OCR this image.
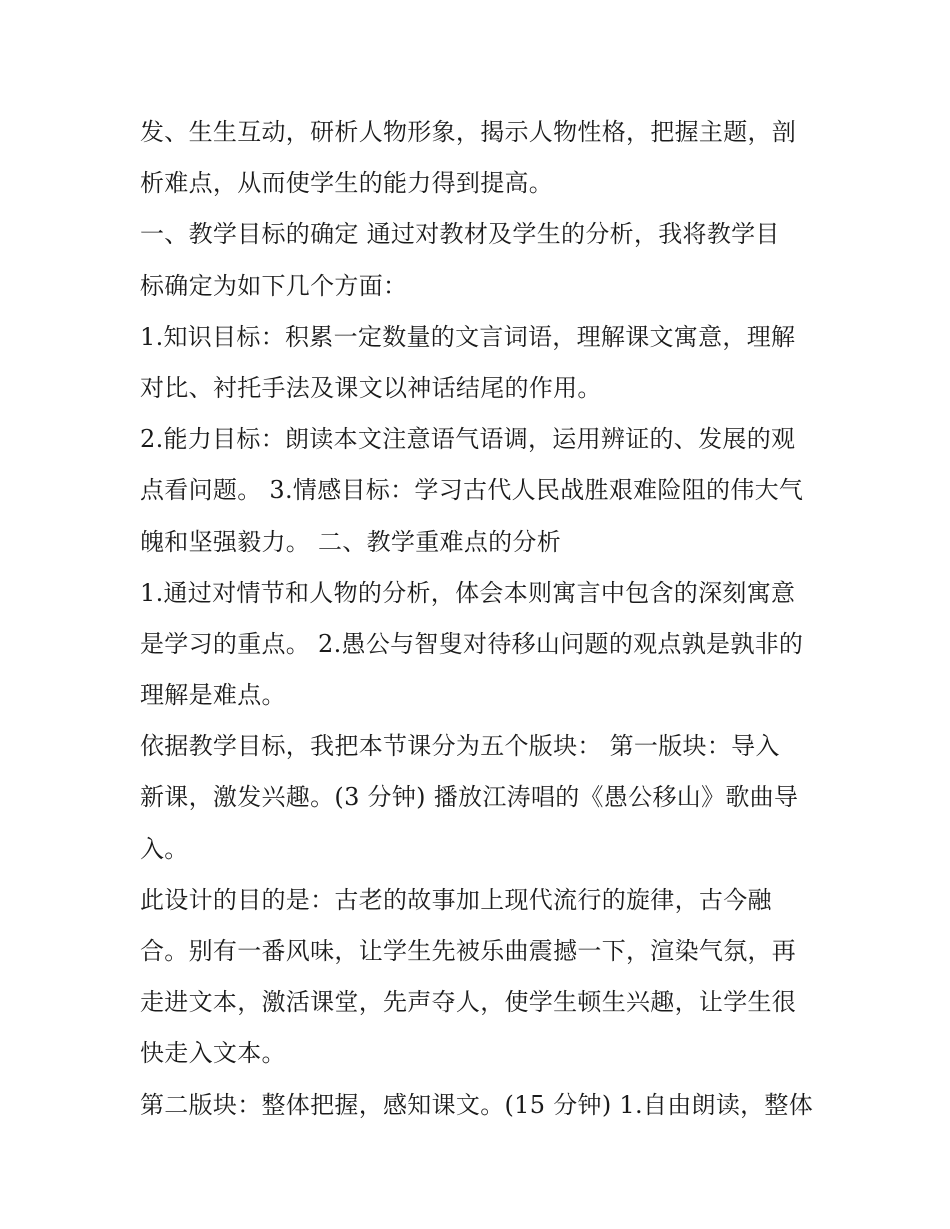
发、生生互动，研析人物形象，揭示人物性格，把握主题，剖
析难点，从而使学生的能力得到提高。
一、教学目标的确定 通过对教材及学生的分析，我将教学目
标确定为如下几个方面：
1.知识目标：积累一定数量的文言词语，理解课文寓意，理解
对比、衬托手法及课文以神话结尾的作用。
2.能力目标：朗读本文注意语气语调，运用辨证的、发展的观
点看问题。 3.情感目标：学习古代人民战胜艰难险阻的伟大气
魄和坚强毅力。 二、教学重难点的分析
1.通过对情节和人物的分析，体会本则寓言中包含的深刻寓意
是学习的重点。 2.愚公与智叟对待移山问题的观点孰是孰非的
理解是难点。
依据教学目标，我把本节课分为五个版块： 第一版块：导入
新课，激发兴趣。(3 分钟) 播放江涛唱的《愚公移山》歌曲导
入。
此设计的目的是：古老的故事加上现代流行的旋律，古今融
合。别有一番风味，让学生先被乐曲震撼一下，渲染气氛，再
走进文本，激活课堂，先声夺人，使学生顿生兴趣，让学生很
快走入文本。
第二版块：整体把握，感知课文。(15 分钟) 1.自由朗读，整体
